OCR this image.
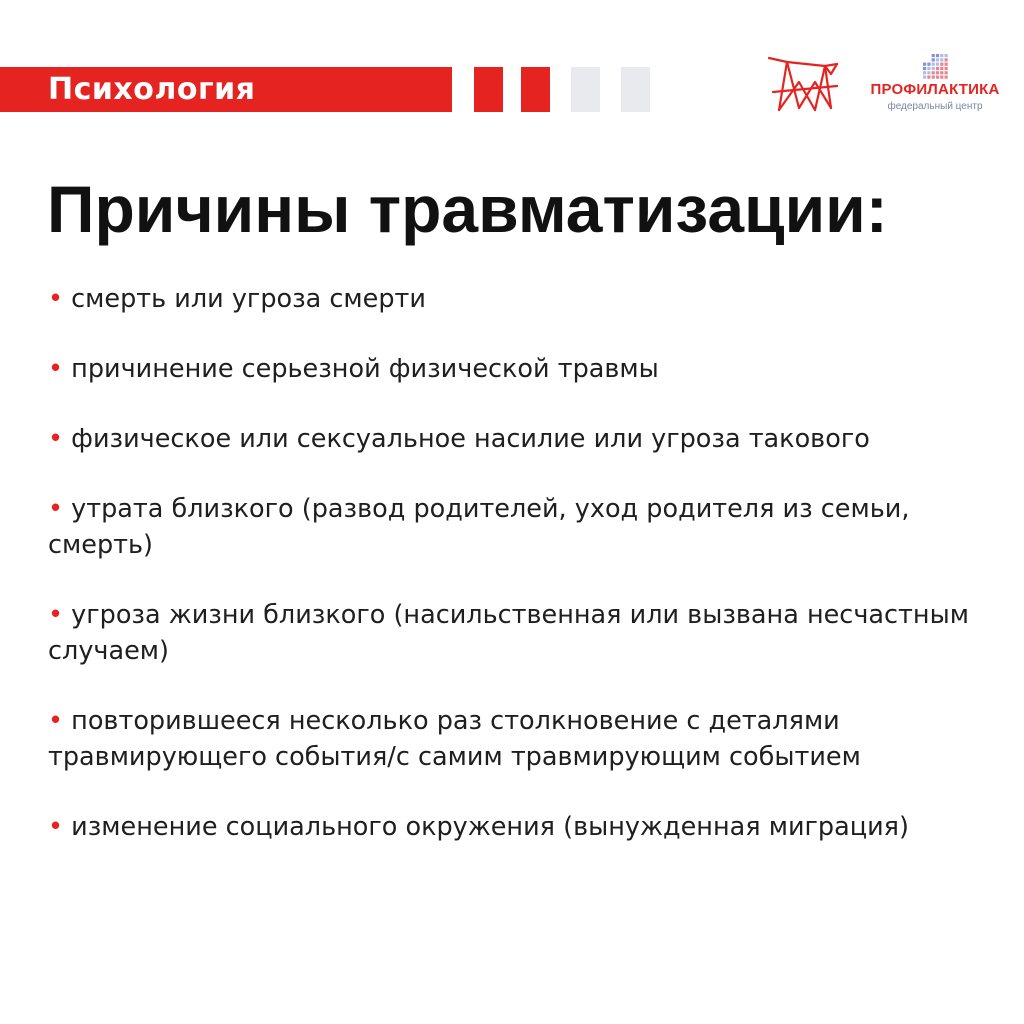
Психология	ПРОФИЛАКТИКА
федеральный центр
Причины травматизации:
• смерть или угроза смерти
• причинение серьезной физической травмы
• физическое или сексуальное насилие или угроза такового
• утрата близкого (развод родителей, уход родителя из семьи, смерть)
• угроза жизни близкого (насильственная или вызвана несчастным случаем)
• повторившееся несколько раз столкновение с деталями травмирующего события/с самим травмирующим событием
• изменение социального окружения (вынужденная миграция)
